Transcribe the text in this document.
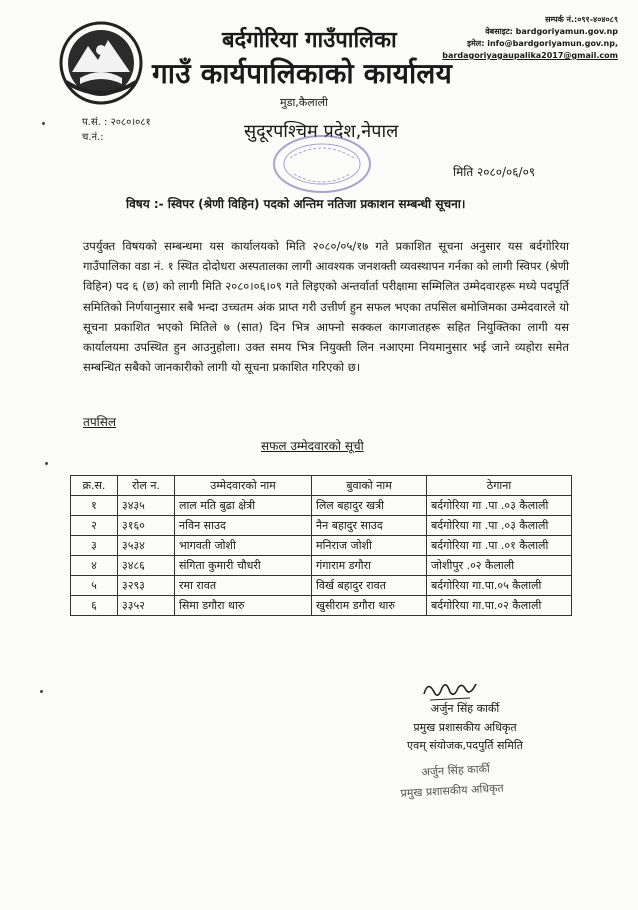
बर्दगोरिया गाउँपालिका
गाउँ कार्यपालिकाको कार्यालय
मुडा,कैलाली
सुदूरपश्चिम प्रदेश,नेपाल
सम्पर्क नं.:०९१-४०४०८९
वेबसाइट: bardgoriyamun.gov.np
इमेल: info@bardgoriyamun.gov.np,
bardagoriyagaupalika2017@gmail.com
प.सं. : २०८०।०८१
च.नं.:
मिति २०८०/०६/०९
विषय :- स्विपर (श्रेणी विहिन) पदको अन्तिम नतिजा प्रकाशन सम्बन्धी सूचना।
उपर्युक्त विषयको सम्बन्धमा यस कार्यालयको मिति २०८०/०५/१७ गते प्रकाशित सूचना अनुसार यस बर्दगोरिया गाउँपालिका वडा नं. १ स्थित दोदोधरा अस्पतालका लागी आवश्यक जनशक्ती व्यवस्थापन गर्नका को लागी स्विपर (श्रेणी विहिन) पद ६ (छ) को लागी मिति २०८०।०६।०९ गते लिइएको अन्तर्वार्ता परीक्षामा सम्मिलित उम्मेदवारहरू मध्ये पदपूर्ति समितिको निर्णयानुसार सबै भन्दा उच्चतम अंक प्राप्त गरी उत्तीर्ण हुन सफल भएका तपसिल बमोजिमका उम्मेदवारले यो सूचना प्रकाशित भएको मितिले ७ (सात) दिन भित्र आफ्नो सक्कल कागजातहरू सहित नियुक्तिका लागी यस कार्यालयमा उपस्थित हुन आउनुहोला। उक्त समय भित्र नियुक्ती लिन नआएमा नियमानुसार भई जाने व्यहोरा समेत सम्बन्धित सबैको जानकारीको लागी यो सूचना प्रकाशित गरिएको छ।
तपसिल
सफल उम्मेदवारको सूची
क्र.स.	रोल न.	उम्मेदवारको नाम	बुवाको नाम	ठेगाना
१	३४३५	लाल मति बुढा क्षेत्री	लिल बहादुर खत्री	बर्दगोरिया गा .पा .०३ कैलाली
२	३१६०	नविन साउद	नैन बहादुर साउद	बर्दगोरिया गा .पा .०३ कैलाली
३	३५३४	भागवती जोशी	मनिराज जोशी	बर्दगोरिया गा .पा .०१ कैलाली
४	३४८६	संगिता कुमारी चौधरी	गंगाराम डगौरा	जोशीपुर .०२ कैलाली
५	३२९३	रमा रावत	विर्ख बहादुर रावत	बर्दगोरिया गा.पा.०५ कैलाली
६	३३५२	सिमा डगौरा थारु	खुसीराम डगौरा थारु	बर्दगोरिया गा.पा.०२ कैलाली
अर्जुन सिंह कार्की
प्रमुख प्रशासकीय अधिकृत
एवम् संयोजक,पदपुर्ति समिति
अर्जुन सिंह कार्की
प्रमुख प्रशासकीय अधिकृत
